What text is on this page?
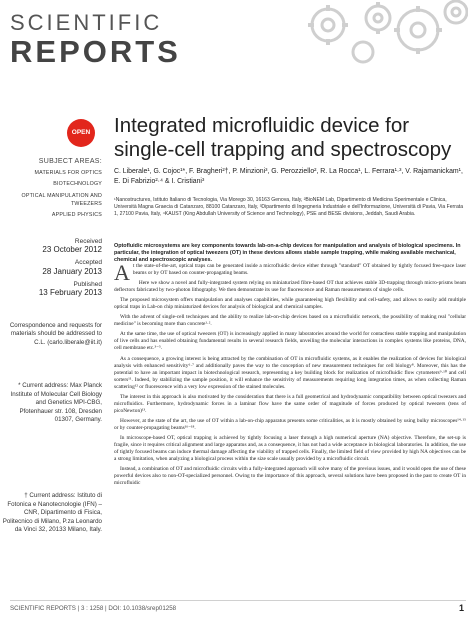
SCIENTIFIC
REPORTS
OPEN Integrated microfluidic device for single-cell trapping and spectroscopy
SUBJECT AREAS:
MATERIALS FOR OPTICS
BIOTECHNOLOGY
OPTICAL MANIPULATION AND TWEEZERS
APPLIED PHYSICS
Received
23 October 2012
Accepted
28 January 2013
Published
13 February 2013
Correspondence and requests for materials should be addressed to C.L. (carlo.liberale@iit.it)
* Current address: Max Planck Institute of Molecular Cell Biology and Genetics MPI-CBG, Pfotenhauer str. 108, Dresden 01307, Germany.
† Current address: Istituto di Fotonica e Nanotecnologie (IFN) – CNR, Dipartimento di Fisica, Politecnico di Milano, P.za Leonardo da Vinci 32, 20133 Milano, Italy.
C. Liberale¹, G. Cojoc¹*, F. Bragheri²†, P. Minzioni³, G. Perozziello², R. La Rocca¹, L. Ferrara¹·³, V. Rajamanickam¹, E. Di Fabrizio²·⁴ & I. Cristiani³
¹Nanostructures, Istituto Italiano di Tecnologia, Via Morego 30, 16163 Genova, Italy, ²BioNEM Lab, Dipartimento di Medicina Sperimentale e Clinica, Università Magna Graecia di Catanzaro, 88100 Catanzaro, Italy, ³Dipartimento di Ingegneria Industriale e dell'Informazione, Università di Pavia, Via Ferrata 1, 27100 Pavia, Italy, ⁴KAUST (King Abdullah University of Science and Technology), PSE and BESE divisions, Jeddah, Saudi Arabia.
Optofluidic microsystems are key components towards lab-on-a-chip devices for manipulation and analysis of biological specimens. In particular, the integration of optical tweezers (OT) in these devices allows stable sample trapping, while making available mechanical, chemical and spectroscopic analyses.

At the state-of-the-art, optical traps can be generated inside a microfluidic device either through "standard" OT obtained by tightly focused free-space laser beams or by OT based on counter-propagating beams.

Here we show a novel and fully-integrated system relying on miniaturized fibre-based OT that achieves stable 3D-trapping through micro-prisms beam deflectors fabricated by two-photon lithography. We then demonstrate its use for fluorescence and Raman measurements of single cells.

The proposed microsystem offers manipulation and analyses capabilities, while guaranteeing high flexibility and cell-safety, and allows to easily add multiple optical traps in Lab-on chip miniaturized devices for analysis of biological and chemical samples.

With the advent of single-cell techniques and the ability to realize lab-on-chip devices based on a microfluidic network, the possibility of making real "cellular medicine" is becoming more than concrete¹·².

At the same time, the use of optical tweezers (OT) is increasingly applied in many laboratories around the world for contactless stable trapping and manipulation of live cells and has enabled obtaining fundamental results in several research fields, unveiling the molecular interactions in complex systems like proteins, DNA, cell membrane etc.³⁻⁵.

As a consequence, a growing interest is being attracted by the combination of OT in microfluidic systems, as it enables the realization of devices for biological analysis with enhanced sensitivity⁶·⁷ and additionally paves the way to the conception of new measurement techniques for cell biology⁸. Moreover, this has the potential to have an important impact in biotechnological research, representing a key building block for realization of microfluidic flow cytometers⁹·¹⁰ and cell sorters¹¹. Indeed, by stabilizing the sample position, it will enhance the sensitivity of measurements requiring long integration times, as when collecting Raman scattering¹² or fluorescence with a very low expression of the stained molecules.

The interest in this approach is also motivated by the consideration that there is a full geometrical and hydrodynamic compatibility between optical tweezers and microfluidics. Furthermore, hydrodynamic forces in a laminar flow have the same order of magnitude of forces produced by optical tweezers (tens of picoNewton)¹³.

However, at the state of the art, the use of OT within a lab-on-chip apparatus presents some criticalities, as it is mostly obtained by using bulky microscopes¹⁴·¹⁵ or by counter-propagating beams¹⁶⁻¹⁸.

In microscope-based OT, optical trapping is achieved by tightly focusing a laser through a high numerical aperture (NA) objective. Therefore, the set-up is fragile, since it requires critical alignment and large apparatus and, as a consequence, it has not had a wide acceptance in biological laboratories. In addition, the use of tightly focused beams can induce thermal damage affecting the viability of trapped cells. Finally, the limited field of view provided by high NA objectives can be a strong limitation, when analyzing a biological process within the size scale usually provided by a microfluidic circuit.

Instead, a combination of OT and microfluidic circuits with a fully-integrated approach will solve many of the previous issues, and it would open the use of these powerful devices also to non-OT-specialized personnel. Owing to the importance of this approach, several solutions have been proposed in the past to create OT in microfluidic

SCIENTIFIC REPORTS | 3 : 1258 | DOI: 10.1038/srep01258	1
